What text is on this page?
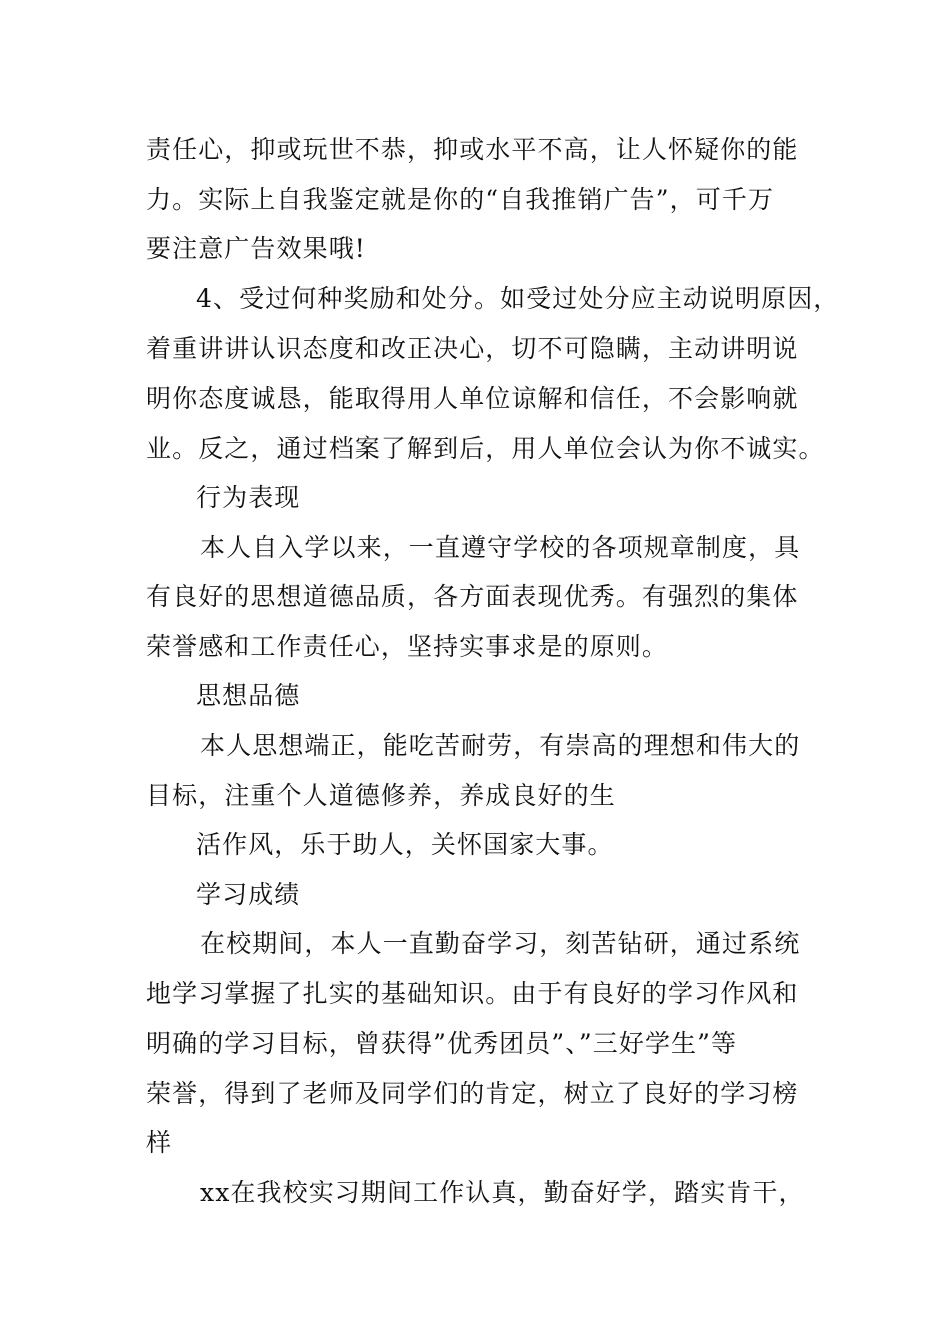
责任心，抑或玩世不恭，抑或水平不高，让人怀疑你的能
力。实际上自我鉴定就是你的“自我推销广告”，可千万
要注意广告效果哦!
4、受过何种奖励和处分。如受过处分应主动说明原因，
着重讲讲认识态度和改正决心，切不可隐瞒，主动讲明说
明你态度诚恳，能取得用人单位谅解和信任，不会影响就
业。反之，通过档案了解到后，用人单位会认为你不诚实。
行为表现
本人自入学以来，一直遵守学校的各项规章制度，具
有良好的思想道德品质，各方面表现优秀。有强烈的集体
荣誉感和工作责任心，坚持实事求是的原则。
思想品德
本人思想端正，能吃苦耐劳，有崇高的理想和伟大的
目标，注重个人道德修养，养成良好的生
活作风，乐于助人，关怀国家大事。
学习成绩
在校期间，本人一直勤奋学习，刻苦钻研，通过系统
地学习掌握了扎实的基础知识。由于有良好的学习作风和
明确的学习目标，曾获得”优秀团员”、”三好学生”等
荣誉，得到了老师及同学们的肯定，树立了良好的学习榜
样
xx在我校实习期间工作认真，勤奋好学，踏实肯干，
